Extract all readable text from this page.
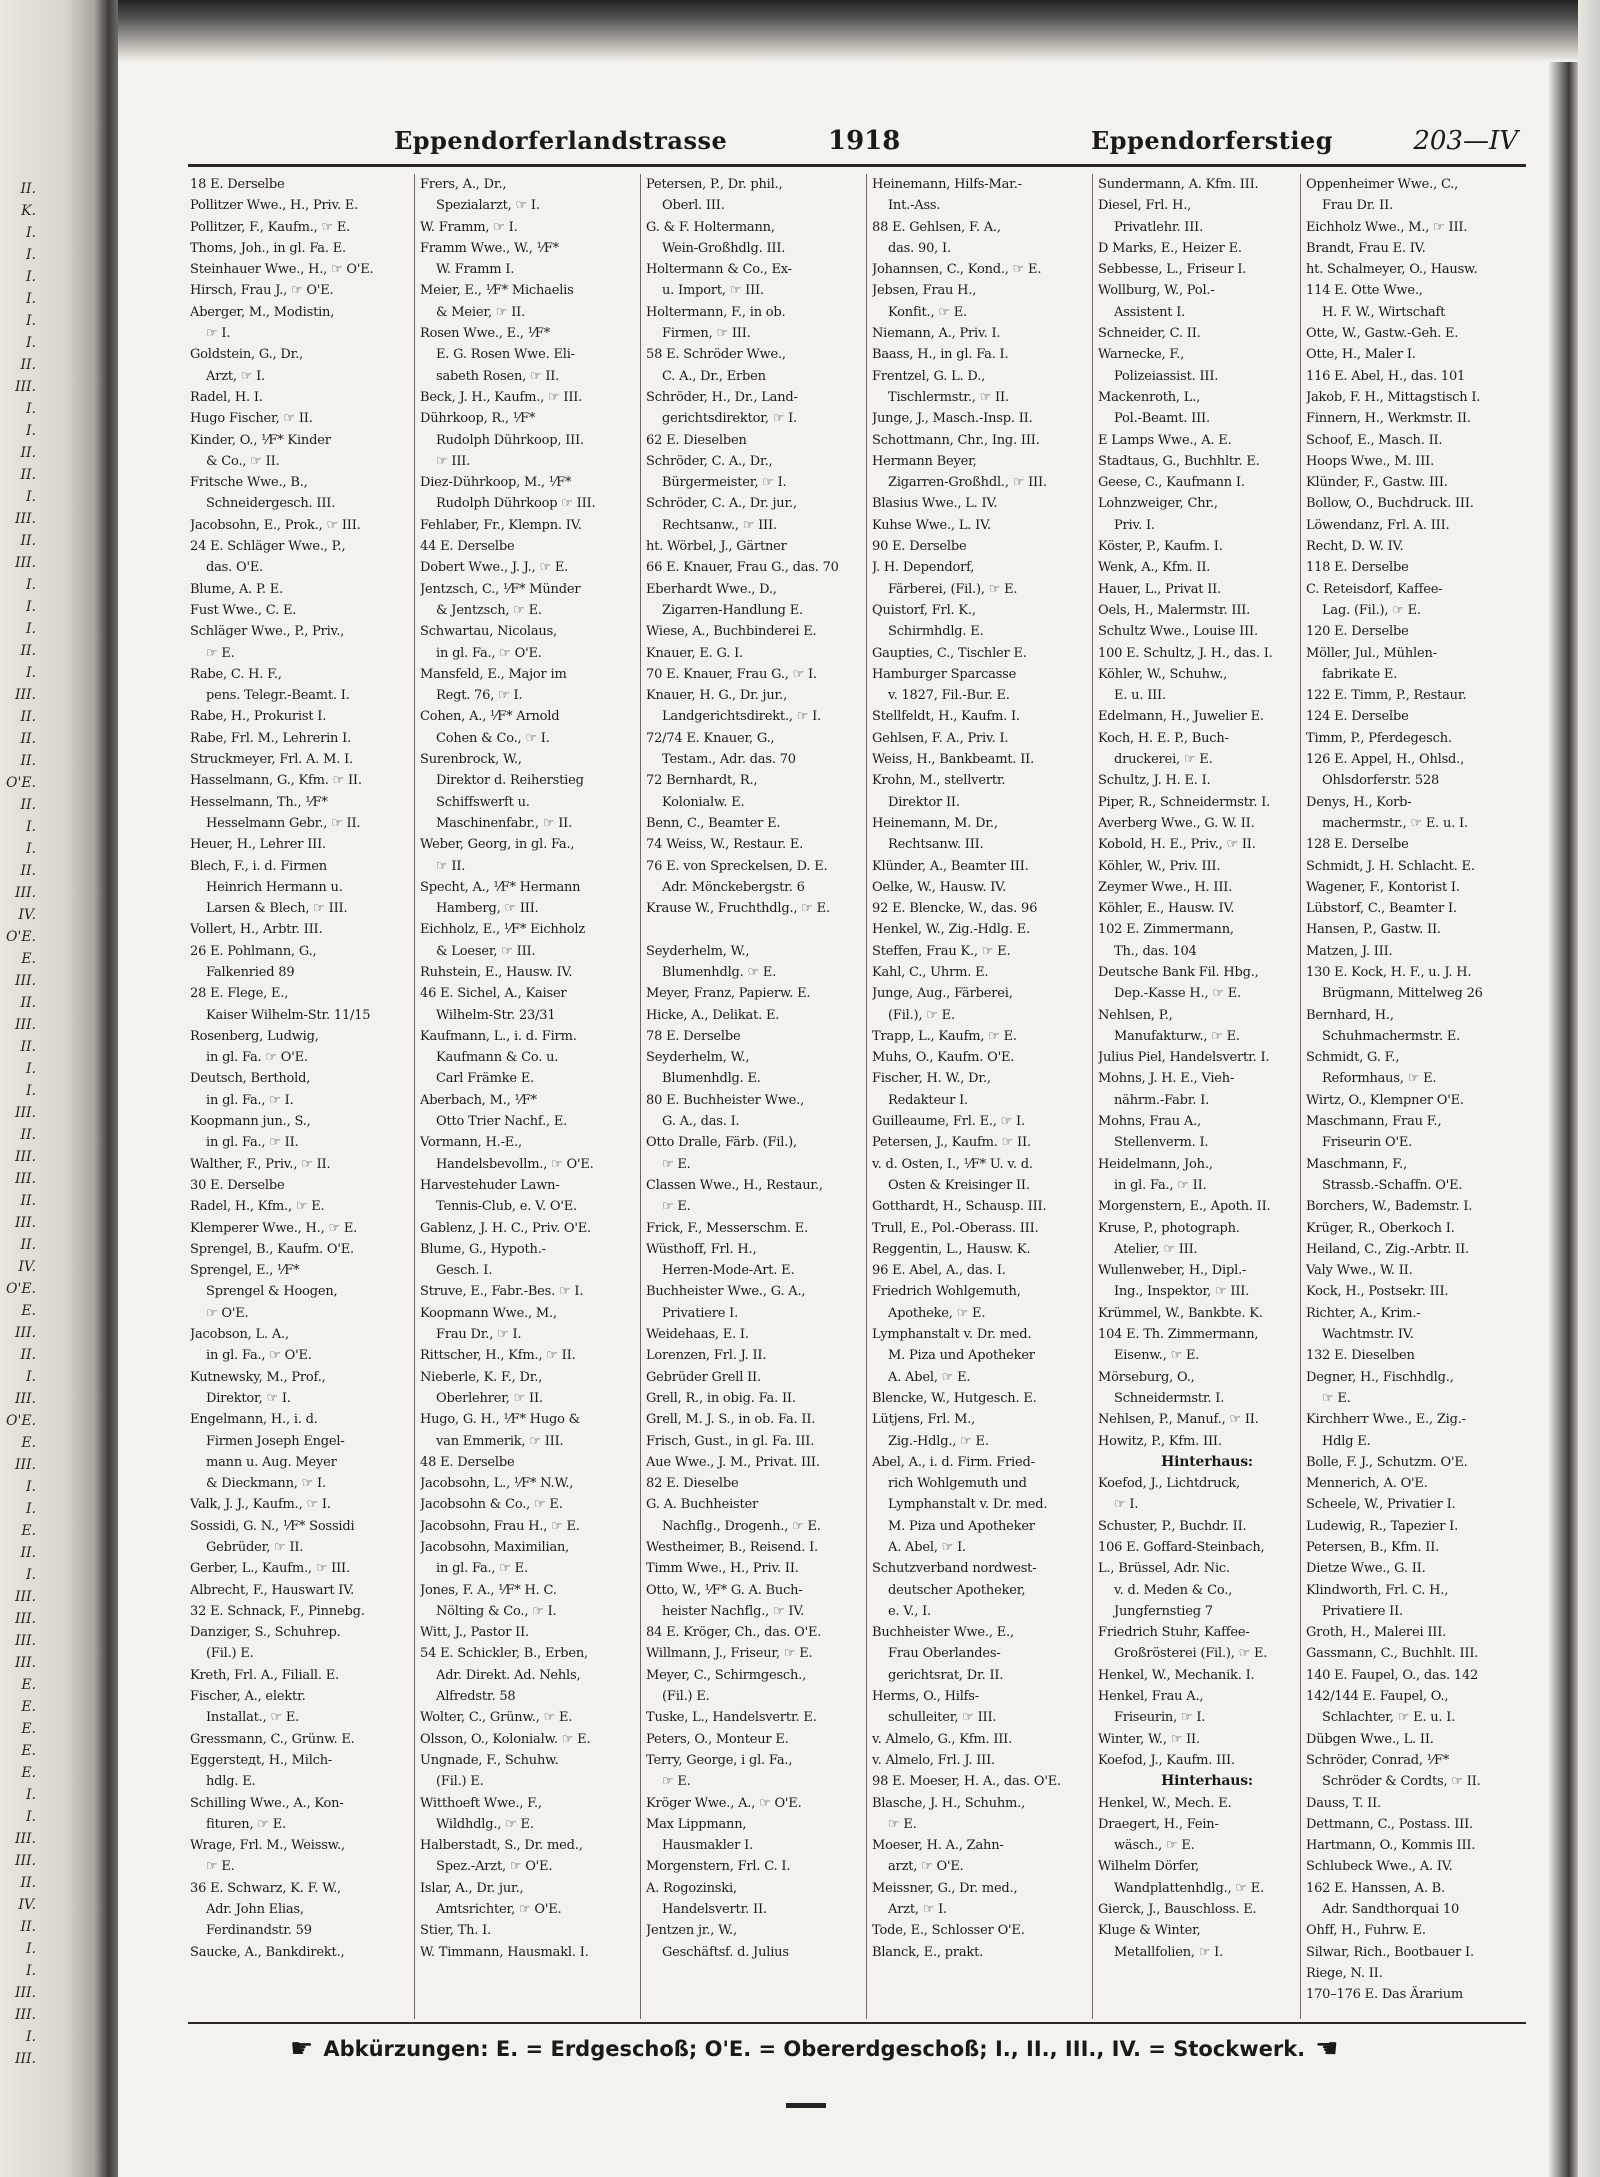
II.
K.
I.
I.
I.
I.
I.
I.
II.
III.
I.
I.
II.
II.
I.
III.
II.
III.
I.
I.
I.
II.
I.
III.
II.
II.
II.
O'E.
II.
I.
I.
II.
III.
IV.
O'E.
E.
III.
II.
III.
II.
I.
I.
III.
II.
III.
III.
II.
III.
II.
IV.
O'E.
E.
III.
II.
I.
III.
O'E.
E.
III.
I.
I.
E.
II.
I.
III.
III.
III.
III.
E.
E.
E.
E.
E.
I.
I.
III.
III.
II.
IV.
II.
I.
I.
III.
III.
I.
III.
Eppendorferlandstrasse	1918	Eppendorferstieg	203—IV
18 E. Derselbe
Pollitzer Wwe., H., Priv. E.
Pollitzer, F., Kaufm., ☞ E.
Thoms, Joh., in gl. Fa. E.
Steinhauer Wwe., H., ☞ O'E.
Hirsch, Frau J., ☞ O'E.
Aberger, M., Modistin,
☞ I.
Goldstein, G., Dr.,
Arzt, ☞ I.
Radel, H. I.
Hugo Fischer, ☞ II.
Kinder, O., ⅟F* Kinder
& Co., ☞ II.
Fritsche Wwe., B.,
Schneidergesch. III.
Jacobsohn, E., Prok., ☞ III.
24 E. Schläger Wwe., P.,
das. O'E.
Blume, A. P. E.
Fust Wwe., C. E.
Schläger Wwe., P., Priv.,
☞ E.
Rabe, C. H. F.,
pens. Telegr.-Beamt. I.
Rabe, H., Prokurist I.
Rabe, Frl. M., Lehrerin I.
Struckmeyer, Frl. A. M. I.
Hasselmann, G., Kfm. ☞ II.
Hesselmann, Th., ⅟F*
Hesselmann Gebr., ☞ II.
Heuer, H., Lehrer III.
Blech, F., i. d. Firmen
Heinrich Hermann u.
Larsen & Blech, ☞ III.
Vollert, H., Arbtr. III.
26 E. Pohlmann, G.,
Falkenried 89
28 E. Flege, E.,
Kaiser Wilhelm-Str. 11/15
Rosenberg, Ludwig,
in gl. Fa. ☞ O'E.
Deutsch, Berthold,
in gl. Fa., ☞ I.
Koopmann jun., S.,
in gl. Fa., ☞ II.
Walther, F., Priv., ☞ II.
30 E. Derselbe
Radel, H., Kfm., ☞ E.
Klemperer Wwe., H., ☞ E.
Sprengel, B., Kaufm. O'E.
Sprengel, E., ⅟F*
Sprengel & Hoogen,
☞ O'E.
Jacobson, L. A.,
in gl. Fa., ☞ O'E.
Kutnewsky, M., Prof.,
Direktor, ☞ I.
Engelmann, H., i. d.
Firmen Joseph Engel-
mann u. Aug. Meyer
& Dieckmann, ☞ I.
Valk, J. J., Kaufm., ☞ I.
Sossidi, G. N., ⅟F* Sossidi
Gebrüder, ☞ II.
Gerber, L., Kaufm., ☞ III.
Albrecht, F., Hauswart IV.
32 E. Schnack, F., Pinnebg.
Danziger, S., Schuhrep.
(Fil.) E.
Kreth, Frl. A., Filiall. E.
Fischer, A., elektr.
Installat., ☞ E.
Gressmann, C., Grünw. E.
Eggersteдt, H., Milch-
hdlg. E.
Schilling Wwe., A., Kon-
fituren, ☞ E.
Wrage, Frl. M., Weissw.,
☞ E.
36 E. Schwarz, K. F. W.,
Adr. John Elias,
Ferdinandstr. 59
Saucke, A., Bankdirekt.,
Frers, A., Dr.,
Spezialarzt, ☞ I.
W. Framm, ☞ I.
Framm Wwe., W., ⅟F*
W. Framm I.
Meier, E., ⅟F* Michaelis
& Meier, ☞ II.
Rosen Wwe., E., ⅟F*
E. G. Rosen Wwe. Eli-
sabeth Rosen, ☞ II.
Beck, J. H., Kaufm., ☞ III.
Dührkoop, R., ⅟F*
Rudolph Dührkoop, III.
☞ III.
Diez-Dührkoop, M., ⅟F*
Rudolph Dührkoop ☞ III.
Fehlaber, Fr., Klempn. IV.
44 E. Derselbe
Dobert Wwe., J. J., ☞ E.
Jentzsch, C., ⅟F* Münder
& Jentzsch, ☞ E.
Schwartau, Nicolaus,
in gl. Fa., ☞ O'E.
Mansfeld, E., Major im
Regt. 76, ☞ I.
Cohen, A., ⅟F* Arnold
Cohen & Co., ☞ I.
Surenbrock, W.,
Direktor d. Reiherstieg
Schiffswerft u.
Maschinenfabr., ☞ II.
Weber, Georg, in gl. Fa.,
☞ II.
Specht, A., ⅟F* Hermann
Hamberg, ☞ III.
Eichholz, E., ⅟F* Eichholz
& Loeser, ☞ III.
Ruhstein, E., Hausw. IV.
46 E. Sichel, A., Kaiser
Wilhelm-Str. 23/31
Kaufmann, L., i. d. Firm.
Kaufmann & Co. u.
Carl Främke E.
Aberbach, M., ⅟F*
Otto Trier Nachf., E.
Vormann, H.-E.,
Handelsbevollm., ☞ O'E.
Harvestehuder Lawn-
Tennis-Club, e. V. O'E.
Gablenz, J. H. C., Priv. O'E.
Blume, G., Hypoth.-
Gesch. I.
Struve, E., Fabr.-Bes. ☞ I.
Koopmann Wwe., M.,
Frau Dr., ☞ I.
Rittscher, H., Kfm., ☞ II.
Nieberle, K. F., Dr.,
Oberlehrer, ☞ II.
Hugo, G. H., ⅟F* Hugo &
van Emmerik, ☞ III.
48 E. Derselbe
Jacobsohn, L., ⅟F* N.W.,
Jacobsohn & Co., ☞ E.
Jacobsohn, Frau H., ☞ E.
Jacobsohn, Maximilian,
in gl. Fa., ☞ E.
Jones, F. A., ⅟F* H. C.
Nölting & Co., ☞ I.
Witt, J., Pastor II.
54 E. Schickler, B., Erben,
Adr. Direkt. Ad. Nehls,
Alfredstr. 58
Wolter, C., Grünw., ☞ E.
Olsson, O., Kolonialw. ☞ E.
Ungnade, F., Schuhw.
(Fil.) E.
Witthoeft Wwe., F.,
Wildhdlg., ☞ E.
Halberstadt, S., Dr. med.,
Spez.-Arzt, ☞ O'E.
Islar, A., Dr. jur.,
Amtsrichter, ☞ O'E.
Stier, Th. I.
W. Timmann, Hausmakl. I.
Petersen, P., Dr. phil.,
Oberl. III.
G. & F. Holtermann,
Wein-Großhdlg. III.
Holtermann & Co., Ex-
u. Import, ☞ III.
Holtermann, F., in ob.
Firmen, ☞ III.
58 E. Schröder Wwe.,
C. A., Dr., Erben
Schröder, H., Dr., Land-
gerichtsdirektor, ☞ I.
62 E. Dieselben
Schröder, C. A., Dr.,
Bürgermeister, ☞ I.
Schröder, C. A., Dr. jur.,
Rechtsanw., ☞ III.
ht. Wörbel, J., Gärtner
66 E. Knauer, Frau G., das. 70
Eberhardt Wwe., D.,
Zigarren-Handlung E.
Wiese, A., Buchbinderei E.
Knauer, E. G. I.
70 E. Knauer, Frau G., ☞ I.
Knauer, H. G., Dr. jur.,
Landgerichtsdirekt., ☞ I.
72/74 E. Knauer, G.,
Testam., Adr. das. 70
72 Bernhardt, R.,
Kolonialw. E.
Benn, C., Beamter E.
74 Weiss, W., Restaur. E.
76 E. von Spreckelsen, D. E.
Adr. Mönckebergstr. 6
Krause W., Fruchthdlg., ☞ E.
Seyderhelm, W.,
Blumenhdlg. ☞ E.
Meyer, Franz, Papierw. E.
Hicke, A., Delikat. E.
78 E. Derselbe
Seyderhelm, W.,
Blumenhdlg. E.
80 E. Buchheister Wwe.,
G. A., das. I.
Otto Dralle, Färb. (Fil.),
☞ E.
Classen Wwe., H., Restaur.,
☞ E.
Frick, F., Messerschm. E.
Wüsthoff, Frl. H.,
Herren-Mode-Art. E.
Buchheister Wwe., G. A.,
Privatiere I.
Weidehaas, E. I.
Lorenzen, Frl. J. II.
Gebrüder Grell II.
Grell, R., in obig. Fa. II.
Grell, M. J. S., in ob. Fa. II.
Frisch, Gust., in gl. Fa. III.
Aue Wwe., J. M., Privat. III.
82 E. Dieselbe
G. A. Buchheister
Nachflg., Drogenh., ☞ E.
Westheimer, B., Reisend. I.
Timm Wwe., H., Priv. II.
Otto, W., ⅟F* G. A. Buch-
heister Nachflg., ☞ IV.
84 E. Kröger, Ch., das. O'E.
Willmann, J., Friseur, ☞ E.
Meyer, C., Schirmgesch.,
(Fil.) E.
Tuske, L., Handelsvertr. E.
Peters, O., Monteur E.
Terry, George, i gl. Fa.,
☞ E.
Kröger Wwe., A., ☞ O'E.
Max Lippmann,
Hausmakler I.
Morgenstern, Frl. C. I.
A. Rogozinski,
Handelsvertr. II.
Jentzen jr., W.,
Geschäftsf. d. Julius
Heinemann, Hilfs-Mar.-
Int.-Ass.
88 E. Gehlsen, F. A.,
das. 90, I.
Johannsen, C., Kond., ☞ E.
Jebsen, Frau H.,
Konfit., ☞ E.
Niemann, A., Priv. I.
Baass, H., in gl. Fa. I.
Frentzel, G. L. D.,
Tischlermstr., ☞ II.
Junge, J., Masch.-Insp. II.
Schottmann, Chr., Ing. III.
Hermann Beyer,
Zigarren-Großhdl., ☞ III.
Blasius Wwe., L. IV.
Kuhse Wwe., L. IV.
90 E. Derselbe
J. H. Dependorf,
Färberei, (Fil.), ☞ E.
Quistorf, Frl. K.,
Schirmhdlg. E.
Gaupties, C., Tischler E.
Hamburger Sparcasse
v. 1827, Fil.-Bur. E.
Stellfeldt, H., Kaufm. I.
Gehlsen, F. A., Priv. I.
Weiss, H., Bankbeamt. II.
Krohn, M., stellvertr.
Direktor II.
Heinemann, M. Dr.,
Rechtsanw. III.
Klünder, A., Beamter III.
Oelke, W., Hausw. IV.
92 E. Blencke, W., das. 96
Henkel, W., Zig.-Hdlg. E.
Steffen, Frau K., ☞ E.
Kahl, C., Uhrm. E.
Junge, Aug., Färberei,
(Fil.), ☞ E.
Trapp, L., Kaufm, ☞ E.
Muhs, O., Kaufm. O'E.
Fischer, H. W., Dr.,
Redakteur I.
Guilleaume, Frl. E., ☞ I.
Petersen, J., Kaufm. ☞ II.
v. d. Osten, I., ⅟F* U. v. d.
Osten & Kreisinger II.
Gotthardt, H., Schausp. III.
Trull, E., Pol.-Oberass. III.
Reggentin, L., Hausw. K.
96 E. Abel, A., das. I.
Friedrich Wohlgemuth,
Apotheke, ☞ E.
Lymphanstalt v. Dr. med.
M. Piza und Apotheker
A. Abel, ☞ E.
Blencke, W., Hutgesch. E.
Lütjens, Frl. M.,
Zig.-Hdlg., ☞ E.
Abel, A., i. d. Firm. Fried-
rich Wohlgemuth und
Lymphanstalt v. Dr. med.
M. Piza und Apotheker
A. Abel, ☞ I.
Schutzverband nordwest-
deutscher Apotheker,
e. V., I.
Buchheister Wwe., E.,
Frau Oberlandes-
gerichtsrat, Dr. II.
Herms, O., Hilfs-
schulleiter, ☞ III.
v. Almelo, G., Kfm. III.
v. Almelo, Frl. J. III.
98 E. Moeser, H. A., das. O'E.
Blasche, J. H., Schuhm.,
☞ E.
Moeser, H. A., Zahn-
arzt, ☞ O'E.
Meissner, G., Dr. med.,
Arzt, ☞ I.
Tode, E., Schlosser O'E.
Blanck, E., prakt.
Sundermann, A. Kfm. III.
Diesel, Frl. H.,
Privatlehr. III.
D Marks, E., Heizer E.
Sebbesse, L., Friseur I.
Wollburg, W., Pol.-
Assistent I.
Schneider, C. II.
Warnecke, F.,
Polizeiassist. III.
Mackenroth, L.,
Pol.-Beamt. III.
E Lamps Wwe., A. E.
Stadtaus, G., Buchhltr. E.
Geese, C., Kaufmann I.
Lohnzweiger, Chr.,
Priv. I.
Köster, P., Kaufm. I.
Wenk, A., Kfm. II.
Hauer, L., Privat II.
Oels, H., Malermstr. III.
Schultz Wwe., Louise III.
100 E. Schultz, J. H., das. I.
Köhler, W., Schuhw.,
E. u. III.
Edelmann, H., Juwelier E.
Koch, H. E. P., Buch-
druckerei, ☞ E.
Schultz, J. H. E. I.
Piper, R., Schneidermstr. I.
Averberg Wwe., G. W. II.
Kobold, H. E., Priv., ☞ II.
Köhler, W., Priv. III.
Zeymer Wwe., H. III.
Köhler, E., Hausw. IV.
102 E. Zimmermann,
Th., das. 104
Deutsche Bank Fil. Hbg.,
Dep.-Kasse H., ☞ E.
Nehlsen, P.,
Manufakturw., ☞ E.
Julius Piel, Handelsvertr. I.
Mohns, J. H. E., Vieh-
nährm.-Fabr. I.
Mohns, Frau A.,
Stellenverm. I.
Heidelmann, Joh.,
in gl. Fa., ☞ II.
Morgenstern, E., Apoth. II.
Kruse, P., photograph.
Atelier, ☞ III.
Wullenweber, H., Dipl.-
Ing., Inspektor, ☞ III.
Krümmel, W., Bankbte. K.
104 E. Th. Zimmermann,
Eisenw., ☞ E.
Mörseburg, O.,
Schneidermstr. I.
Nehlsen, P., Manuf., ☞ II.
Howitz, P., Kfm. III.
Hinterhaus:
Koefod, J., Lichtdruck,
☞ I.
Schuster, P., Buchdr. II.
106 E. Goffard-Steinbach,
L., Brüssel, Adr. Nic.
v. d. Meden & Co.,
Jungfernstieg 7
Friedrich Stuhr, Kaffee-
Großrösterei (Fil.), ☞ E.
Henkel, W., Mechanik. I.
Henkel, Frau A.,
Friseurin, ☞ I.
Winter, W., ☞ II.
Koefod, J., Kaufm. III.
Hinterhaus:
Henkel, W., Mech. E.
Draegert, H., Fein-
wäsch., ☞ E.
Wilhelm Dörfer,
Wandplattenhdlg., ☞ E.
Gierck, J., Bauschloss. E.
Kluge & Winter,
Metallfolien, ☞ I.
Oppenheimer Wwe., C.,
Frau Dr. II.
Eichholz Wwe., M., ☞ III.
Brandt, Frau E. IV.
ht. Schalmeyer, O., Hausw.
114 E. Otte Wwe.,
H. F. W., Wirtschaft
Otte, W., Gastw.-Geh. E.
Otte, H., Maler I.
116 E. Abel, H., das. 101
Jakob, F. H., Mittagstisch I.
Finnern, H., Werkmstr. II.
Schoof, E., Masch. II.
Hoops Wwe., M. III.
Klünder, F., Gastw. III.
Bollow, O., Buchdruck. III.
Löwendanz, Frl. A. III.
Recht, D. W. IV.
118 E. Derselbe
C. Reteisdorf, Kaffee-
Lag. (Fil.), ☞ E.
120 E. Derselbe
Möller, Jul., Mühlen-
fabrikate E.
122 E. Timm, P., Restaur.
124 E. Derselbe
Timm, P., Pferdegesch.
126 E. Appel, H., Ohlsd.,
Ohlsdorferstr. 528
Denys, H., Korb-
machermstr., ☞ E. u. I.
128 E. Derselbe
Schmidt, J. H. Schlacht. E.
Wagener, F., Kontorist I.
Lübstorf, C., Beamter I.
Hansen, P., Gastw. II.
Matzen, J. III.
130 E. Kock, H. F., u. J. H.
Brügmann, Mittelweg 26
Bernhard, H.,
Schuhmachermstr. E.
Schmidt, G. F.,
Reformhaus, ☞ E.
Wirtz, O., Klempner O'E.
Maschmann, Frau F.,
Friseurin O'E.
Maschmann, F.,
Strassb.-Schaffn. O'E.
Borchers, W., Bademstr. I.
Krüger, R., Oberkoch I.
Heiland, C., Zig.-Arbtr. II.
Valy Wwe., W. II.
Kock, H., Postsekr. III.
Richter, A., Krim.-
Wachtmstr. IV.
132 E. Dieselben
Degner, H., Fischhdlg.,
☞ E.
Kirchherr Wwe., E., Zig.-
Hdlg E.
Bolle, F. J., Schutzm. O'E.
Mennerich, A. O'E.
Scheele, W., Privatier I.
Ludewig, R., Tapezier I.
Petersen, B., Kfm. II.
Dietze Wwe., G. II.
Klindworth, Frl. C. H.,
Privatiere II.
Groth, H., Malerei III.
Gassmann, C., Buchhlt. III.
140 E. Faupel, O., das. 142
142/144 E. Faupel, O.,
Schlachter, ☞ E. u. I.
Dübgen Wwe., L. II.
Schröder, Conrad, ⅟F*
Schröder & Cordts, ☞ II.
Dauss, T. II.
Dettmann, C., Postass. III.
Hartmann, O., Kommis III.
Schlubeck Wwe., A. IV.
162 E. Hanssen, A. B.
Adr. Sandthorquai 10
Ohff, H., Fuhrw. E.
Silwar, Rich., Bootbauer I.
Riege, N. II.
170–176 E. Das Ärarium
☛ Abkürzungen: E. = Erdgeschoß; O'E. = Obererdgeschoß; I., II., III., IV. = Stockwerk. ☚
